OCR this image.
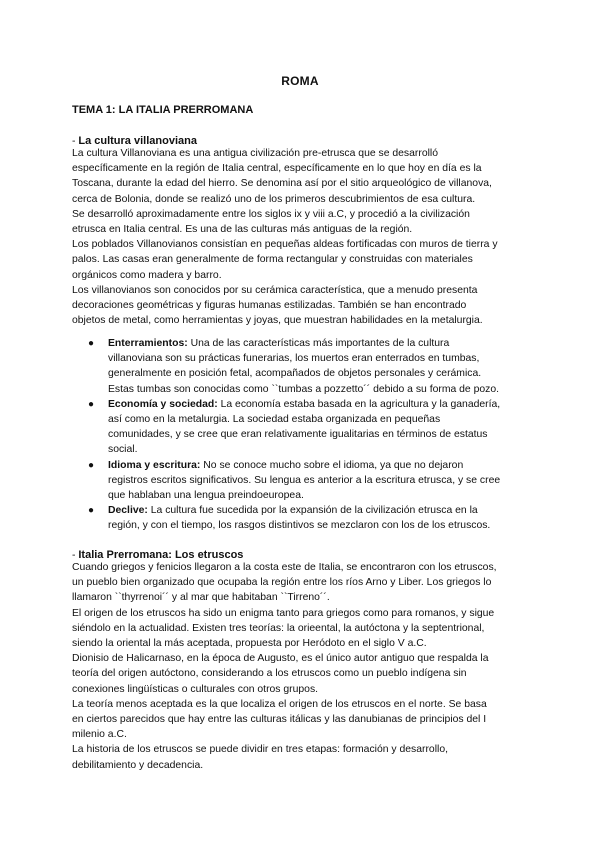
ROMA
TEMA 1: LA ITALIA PRERROMANA
- La cultura villanoviana
La cultura Villanoviana es una antigua civilización pre-etrusca que se desarrolló
específicamente en la región de Italia central, específicamente en lo que hoy en día es la
Toscana, durante la edad del hierro. Se denomina así por el sitio arqueológico de villanova,
cerca de Bolonia, donde se realizó uno de los primeros descubrimientos de esa cultura.
Se desarrolló aproximadamente entre los siglos ix y viii a.C, y procedió a la civilización
etrusca en Italia central. Es una de las culturas más antiguas de la región.
Los poblados Villanovianos consistían en pequeñas aldeas fortificadas con muros de tierra y
palos. Las casas eran generalmente de forma rectangular y construidas con materiales
orgánicos como madera y barro.
Los villanovianos son conocidos por su cerámica característica, que a menudo presenta
decoraciones geométricas y figuras humanas estilizadas. También se han encontrado
objetos de metal, como herramientas y joyas, que muestran habilidades en la metalurgia.
● Enterramientos: Una de las características más importantes de la cultura
villanoviana son su prácticas funerarias, los muertos eran enterrados en tumbas,
generalmente en posición fetal, acompañados de objetos personales y cerámica.
Estas tumbas son conocidas como ``tumbas a pozzetto´´ debido a su forma de pozo.
● Economía y sociedad: La economía estaba basada en la agricultura y la ganadería,
así como en la metalurgia. La sociedad estaba organizada en pequeñas
comunidades, y se cree que eran relativamente igualitarias en términos de estatus
social.
● Idioma y escritura: No se conoce mucho sobre el idioma, ya que no dejaron
registros escritos significativos. Su lengua es anterior a la escritura etrusca, y se cree
que hablaban una lengua preindoeuropea.
● Declive: La cultura fue sucedida por la expansión de la civilización etrusca en la
región, y con el tiempo, los rasgos distintivos se mezclaron con los de los etruscos.
- Italia Prerromana: Los etruscos
Cuando griegos y fenicios llegaron a la costa este de Italia, se encontraron con los etruscos,
un pueblo bien organizado que ocupaba la región entre los ríos Arno y Liber. Los griegos lo
llamaron ``thyrrenoi´´ y al mar que habitaban ``Tirreno´´.
El origen de los etruscos ha sido un enigma tanto para griegos como para romanos, y sigue
siéndolo en la actualidad. Existen tres teorías: la orieental, la autóctona y la septentrional,
siendo la oriental la más aceptada, propuesta por Heródoto en el siglo V a.C.
Dionisio de Halicarnaso, en la época de Augusto, es el único autor antiguo que respalda la
teoría del origen autóctono, considerando a los etruscos como un pueblo indígena sin
conexiones lingüísticas o culturales con otros grupos.
La teoría menos aceptada es la que localiza el origen de los etruscos en el norte. Se basa
en ciertos parecidos que hay entre las culturas itálicas y las danubianas de principios del I
milenio a.C.
La historia de los etruscos se puede dividir en tres etapas: formación y desarrollo,
debilitamiento y decadencia.
